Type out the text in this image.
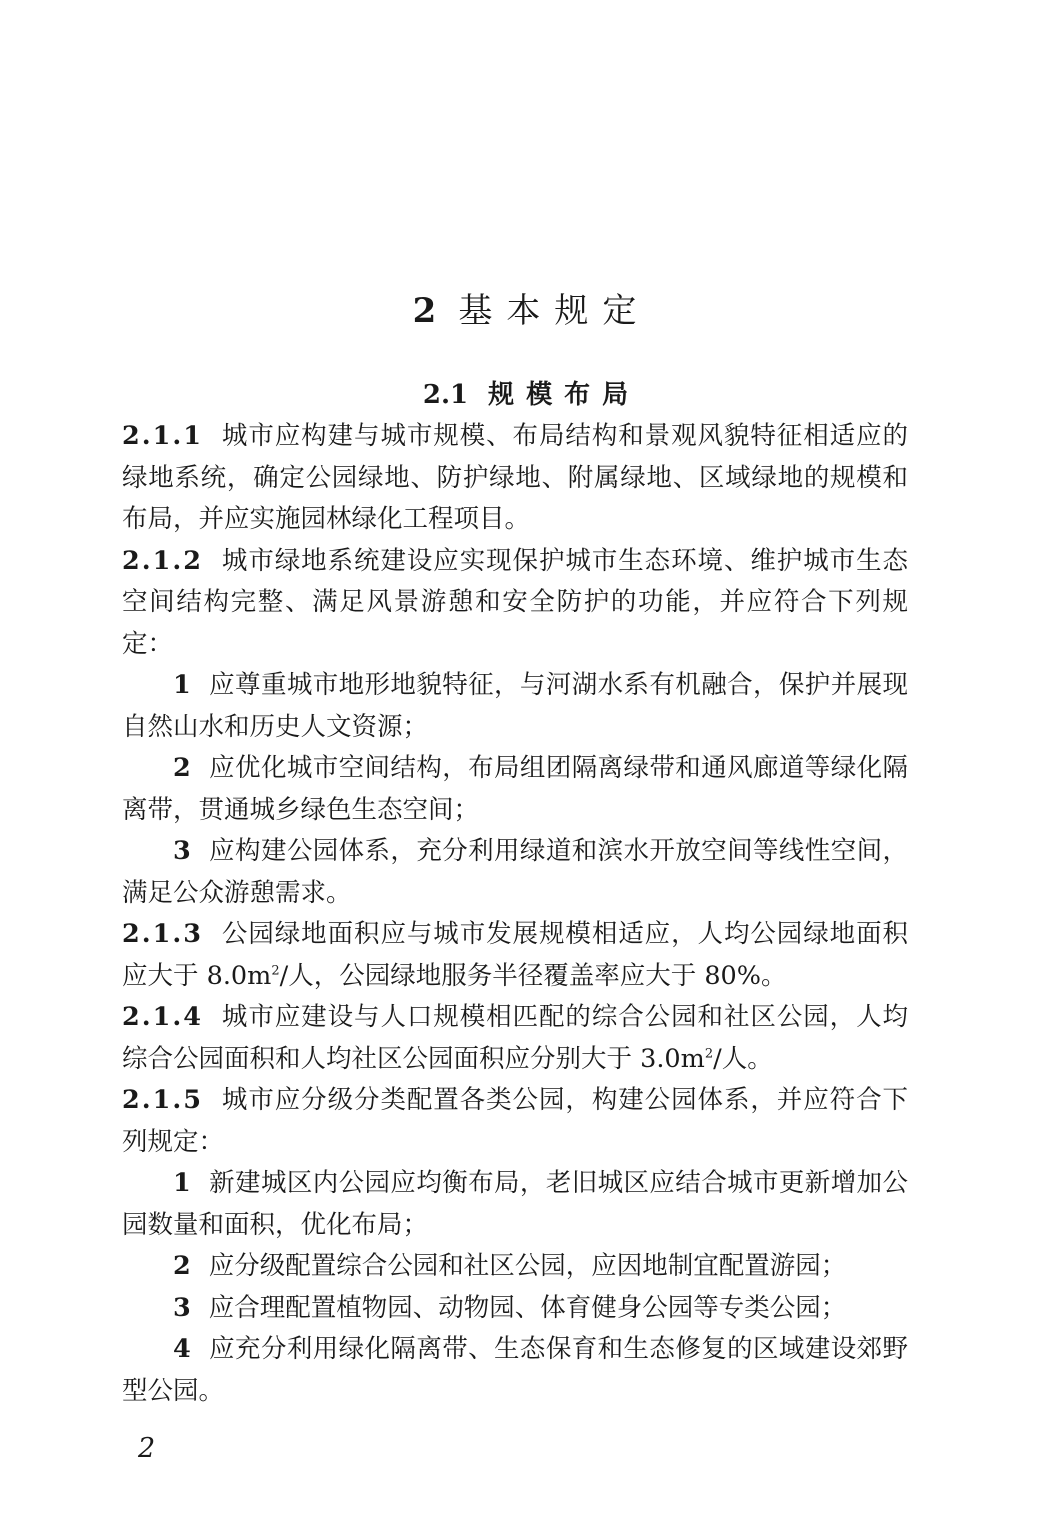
2 基本规定
2.1 规模布局

2.1.1 城市应构建与城市规模、布局结构和景观风貌特征相适应的绿地系统，确定公园绿地、防护绿地、附属绿地、区域绿地的规模和布局，并应实施园林绿化工程项目。

2.1.2 城市绿地系统建设应实现保护城市生态环境、维护城市生态空间结构完整、满足风景游憩和安全防护的功能，并应符合下列规定：

1 应尊重城市地形地貌特征，与河湖水系有机融合，保护并展现自然山水和历史人文资源；

2 应优化城市空间结构，布局组团隔离绿带和通风廊道等绿化隔离带，贯通城乡绿色生态空间；

3 应构建公园体系，充分利用绿道和滨水开放空间等线性空间，满足公众游憩需求。

2.1.3 公园绿地面积应与城市发展规模相适应，人均公园绿地面积应大于 $8.0m^2/$人，公园绿地服务半径覆盖率应大于 80%。

2.1.4 城市应建设与人口规模相匹配的综合公园和社区公园，人均综合公园面积和人均社区公园面积应分别大于 $3.0m^2/$人。

2.1.5 城市应分级分类配置各类公园，构建公园体系，并应符合下列规定：

1 新建城区内公园应均衡布局，老旧城区应结合城市更新增加公园数量和面积，优化布局；

2 应分级配置综合公园和社区公园，应因地制宜配置游园；

3 应合理配置植物园、动物园、体育健身公园等专类公园；

4 应充分利用绿化隔离带、生态保育和生态修复的区域建设郊野型公园。

2
